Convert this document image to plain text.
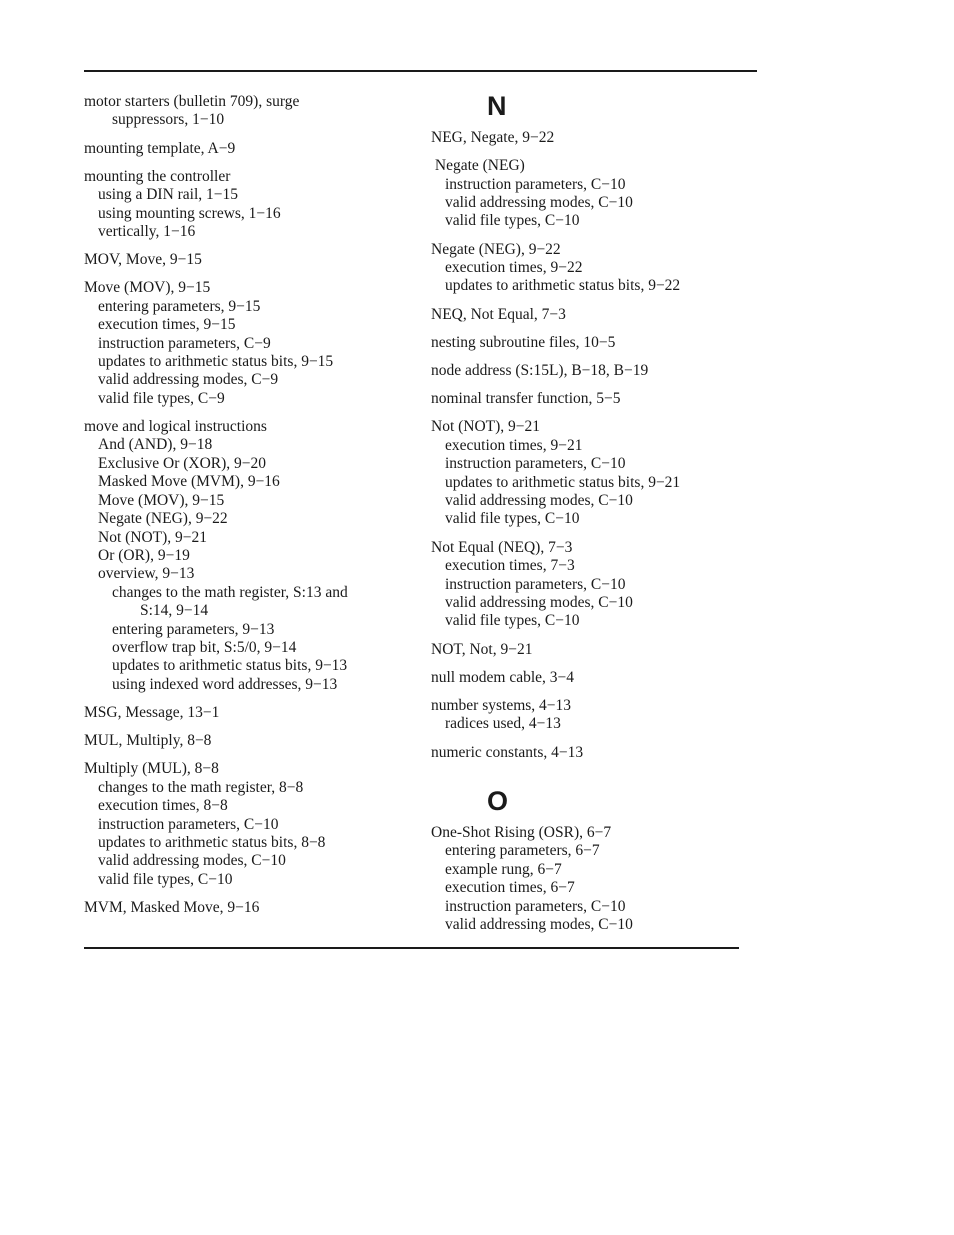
motor starters (bulletin 709), surge
suppressors, 1−10
mounting template, A−9
mounting the controller
using a DIN rail, 1−15
using mounting screws, 1−16
vertically, 1−16
MOV, Move, 9−15
Move (MOV), 9−15
entering parameters, 9−15
execution times, 9−15
instruction parameters, C−9
updates to arithmetic status bits, 9−15
valid addressing modes, C−9
valid file types, C−9
move and logical instructions
And (AND), 9−18
Exclusive Or (XOR), 9−20
Masked Move (MVM), 9−16
Move (MOV), 9−15
Negate (NEG), 9−22
Not (NOT), 9−21
Or (OR), 9−19
overview, 9−13
changes to the math register, S:13 and
S:14, 9−14
entering parameters, 9−13
overflow trap bit, S:5/0, 9−14
updates to arithmetic status bits, 9−13
using indexed word addresses, 9−13
MSG, Message, 13−1
MUL, Multiply, 8−8
Multiply (MUL), 8−8
changes to the math register, 8−8
execution times, 8−8
instruction parameters, C−10
updates to arithmetic status bits, 8−8
valid addressing modes, C−10
valid file types, C−10
MVM, Masked Move, 9−16
N
NEG, Negate, 9−22
Negate (NEG)
instruction parameters, C−10
valid addressing modes, C−10
valid file types, C−10
Negate (NEG), 9−22
execution times, 9−22
updates to arithmetic status bits, 9−22
NEQ, Not Equal, 7−3
nesting subroutine files, 10−5
node address (S:15L), B−18, B−19
nominal transfer function, 5−5
Not (NOT), 9−21
execution times, 9−21
instruction parameters, C−10
updates to arithmetic status bits, 9−21
valid addressing modes, C−10
valid file types, C−10
Not Equal (NEQ), 7−3
execution times, 7−3
instruction parameters, C−10
valid addressing modes, C−10
valid file types, C−10
NOT, Not, 9−21
null modem cable, 3−4
number systems, 4−13
radices used, 4−13
numeric constants, 4−13
O
One-Shot Rising (OSR), 6−7
entering parameters, 6−7
example rung, 6−7
execution times, 6−7
instruction parameters, C−10
valid addressing modes, C−10
